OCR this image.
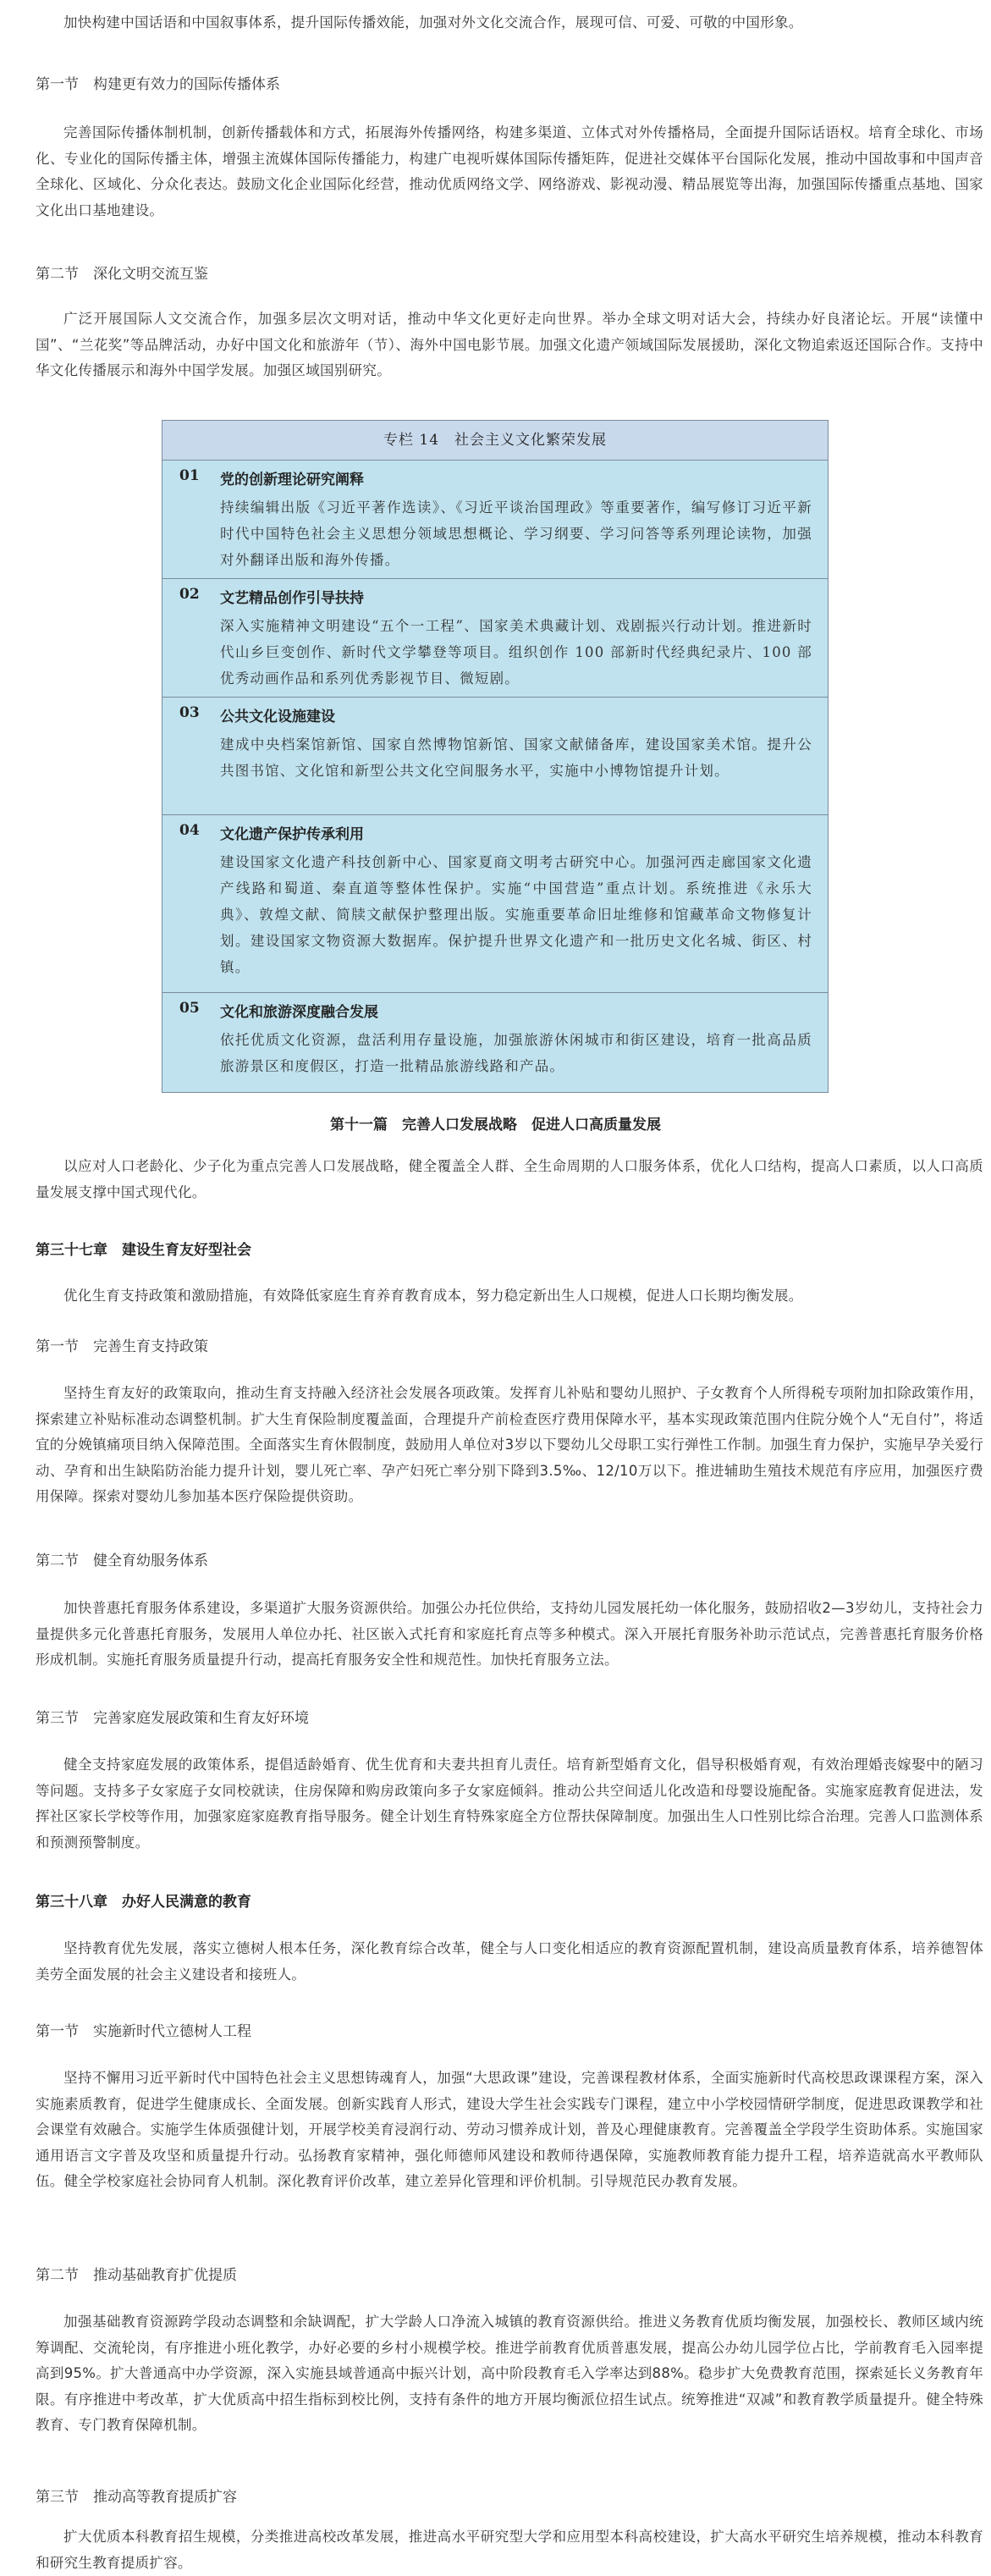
加快构建中国话语和中国叙事体系，提升国际传播效能，加强对外文化交流合作，展现可信、可爱、可敬的中国形象。

第一节　构建更有效力的国际传播体系

完善国际传播体制机制，创新传播载体和方式，拓展海外传播网络，构建多渠道、立体式对外传播格局，全面提升国际话语权。培育全球化、市场化、专业化的国际传播主体，增强主流媒体国际传播能力，构建广电视听媒体国际传播矩阵，促进社交媒体平台国际化发展，推动中国故事和中国声音全球化、区域化、分众化表达。鼓励文化企业国际化经营，推动优质网络文学、网络游戏、影视动漫、精品展览等出海，加强国际传播重点基地、国家文化出口基地建设。

第二节　深化文明交流互鉴

广泛开展国际人文交流合作，加强多层次文明对话，推动中华文化更好走向世界。举办全球文明对话大会，持续办好良渚论坛。开展“读懂中国”、“兰花奖”等品牌活动，办好中国文化和旅游年（节）、海外中国电影节展。加强文化遗产领域国际发展援助，深化文物追索返还国际合作。支持中华文化传播展示和海外中国学发展。加强区域国别研究。

专栏 14　社会主义文化繁荣发展
01 党的创新理论研究阐释

持续编辑出版《习近平著作选读》、《习近平谈治国理政》等重要著作，编写修订习近平新时代中国特色社会主义思想分领域思想概论、学习纲要、学习问答等系列理论读物，加强对外翻译出版和海外传播。

02 文艺精品创作引导扶持

深入实施精神文明建设“五个一工程”、国家美术典藏计划、戏剧振兴行动计划。推进新时代山乡巨变创作、新时代文学攀登等项目。组织创作 100 部新时代经典纪录片、100 部优秀动画作品和系列优秀影视节目、微短剧。

03 公共文化设施建设

建成中央档案馆新馆、国家自然博物馆新馆、国家文献储备库，建设国家美术馆。提升公共图书馆、文化馆和新型公共文化空间服务水平，实施中小博物馆提升计划。

04 文化遗产保护传承利用

建设国家文化遗产科技创新中心、国家夏商文明考古研究中心。加强河西走廊国家文化遗产线路和蜀道、秦直道等整体性保护。实施“中国营造”重点计划。系统推进《永乐大典》、敦煌文献、简牍文献保护整理出版。实施重要革命旧址维修和馆藏革命文物修复计划。建设国家文物资源大数据库。保护提升世界文化遗产和一批历史文化名城、街区、村镇。

05 文化和旅游深度融合发展

依托优质文化资源，盘活利用存量设施，加强旅游休闲城市和街区建设，培育一批高品质旅游景区和度假区，打造一批精品旅游线路和产品。

第十一篇　完善人口发展战略　促进人口高质量发展

以应对人口老龄化、少子化为重点完善人口发展战略，健全覆盖全人群、全生命周期的人口服务体系，优化人口结构，提高人口素质，以人口高质量发展支撑中国式现代化。

第三十七章　建设生育友好型社会

优化生育支持政策和激励措施，有效降低家庭生育养育教育成本，努力稳定新出生人口规模，促进人口长期均衡发展。

第一节　完善生育支持政策

坚持生育友好的政策取向，推动生育支持融入经济社会发展各项政策。发挥育儿补贴和婴幼儿照护、子女教育个人所得税专项附加扣除政策作用，探索建立补贴标准动态调整机制。扩大生育保险制度覆盖面，合理提升产前检查医疗费用保障水平，基本实现政策范围内住院分娩个人“无自付”，将适宜的分娩镇痛项目纳入保障范围。全面落实生育休假制度，鼓励用人单位对3岁以下婴幼儿父母职工实行弹性工作制。加强生育力保护，实施早孕关爱行动、孕育和出生缺陷防治能力提升计划，婴儿死亡率、孕产妇死亡率分别下降到3.5‰、12/10万以下。推进辅助生殖技术规范有序应用，加强医疗费用保障。探索对婴幼儿参加基本医疗保险提供资助。

第二节　健全育幼服务体系

加快普惠托育服务体系建设，多渠道扩大服务资源供给。加强公办托位供给，支持幼儿园发展托幼一体化服务，鼓励招收2—3岁幼儿，支持社会力量提供多元化普惠托育服务，发展用人单位办托、社区嵌入式托育和家庭托育点等多种模式。深入开展托育服务补助示范试点，完善普惠托育服务价格形成机制。实施托育服务质量提升行动，提高托育服务安全性和规范性。加快托育服务立法。

第三节　完善家庭发展政策和生育友好环境

健全支持家庭发展的政策体系，提倡适龄婚育、优生优育和夫妻共担育儿责任。培育新型婚育文化，倡导积极婚育观，有效治理婚丧嫁娶中的陋习等问题。支持多子女家庭子女同校就读，住房保障和购房政策向多子女家庭倾斜。推动公共空间适儿化改造和母婴设施配备。实施家庭教育促进法，发挥社区家长学校等作用，加强家庭家庭教育指导服务。健全计划生育特殊家庭全方位帮扶保障制度。加强出生人口性别比综合治理。完善人口监测体系和预测预警制度。

第三十八章　办好人民满意的教育

坚持教育优先发展，落实立德树人根本任务，深化教育综合改革，健全与人口变化相适应的教育资源配置机制，建设高质量教育体系，培养德智体美劳全面发展的社会主义建设者和接班人。

第一节　实施新时代立德树人工程

坚持不懈用习近平新时代中国特色社会主义思想铸魂育人，加强“大思政课”建设，完善课程教材体系，全面实施新时代高校思政课课程方案，深入实施素质教育，促进学生健康成长、全面发展。创新实践育人形式，建设大学生社会实践专门课程，建立中小学校园情研学制度，促进思政课教学和社会课堂有效融合。实施学生体质强健计划，开展学校美育浸润行动、劳动习惯养成计划，普及心理健康教育。完善覆盖全学段学生资助体系。实施国家通用语言文字普及攻坚和质量提升行动。弘扬教育家精神，强化师德师风建设和教师待遇保障，实施教师教育能力提升工程，培养造就高水平教师队伍。健全学校家庭社会协同育人机制。深化教育评价改革，建立差异化管理和评价机制。引导规范民办教育发展。

第二节　推动基础教育扩优提质

加强基础教育资源跨学段动态调整和余缺调配，扩大学龄人口净流入城镇的教育资源供给。推进义务教育优质均衡发展，加强校长、教师区域内统筹调配、交流轮岗，有序推进小班化教学，办好必要的乡村小规模学校。推进学前教育优质普惠发展，提高公办幼儿园学位占比，学前教育毛入园率提高到95%。扩大普通高中办学资源，深入实施县域普通高中振兴计划，高中阶段教育毛入学率达到88%。稳步扩大免费教育范围，探索延长义务教育年限。有序推进中考改革，扩大优质高中招生指标到校比例，支持有条件的地方开展均衡派位招生试点。统筹推进“双减”和教育教学质量提升。健全特殊教育、专门教育保障机制。

第三节　推动高等教育提质扩容

扩大优质本科教育招生规模，分类推进高校改革发展，推进高水平研究型大学和应用型本科高校建设，扩大高水平研究生培养规模，推动本科教育和研究生教育提质扩容。
